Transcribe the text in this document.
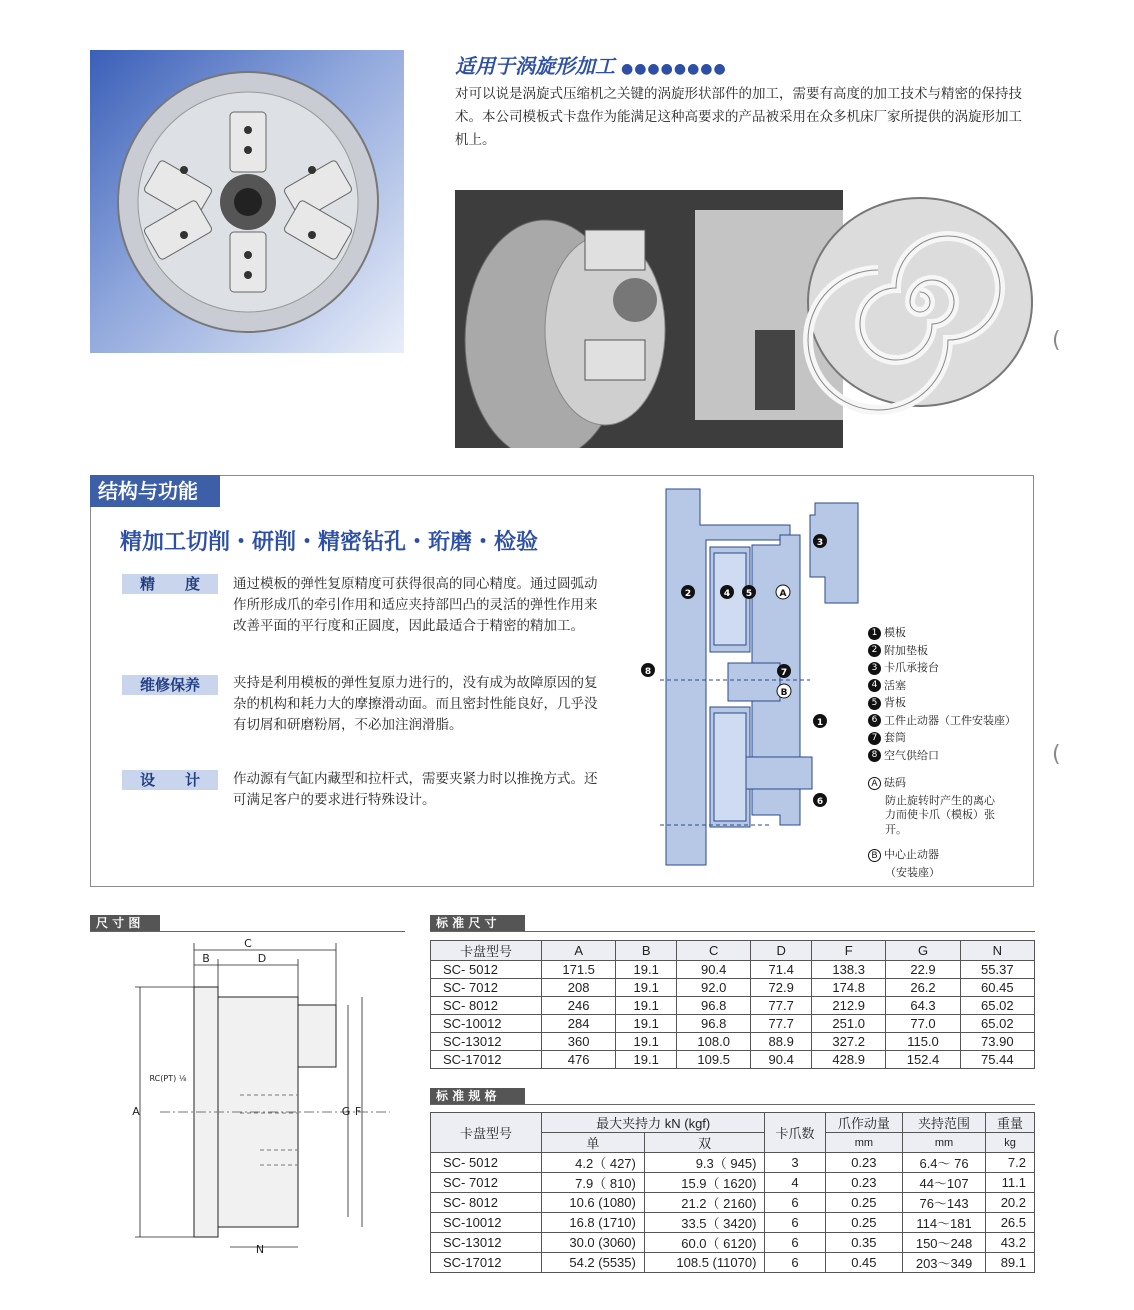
适用于涡旋形加工 ●●●●●●●●
对可以说是涡旋式压缩机之关键的涡旋形状部件的加工，需要有高度的加工技术与精密的保持技术。本公司模板式卡盘作为能满足这种高要求的产品被采用在众多机床厂家所提供的涡旋形加工机上。
结构与功能
精加工切削・研削・精密钻孔・珩磨・检验
精　　度	通过模板的弹性复原精度可获得很高的同心精度。通过圆弧动作所形成爪的牵引作用和适应夹持部凹凸的灵活的弹性作用来改善平面的平行度和正圆度，因此最适合于精密的精加工。
维修保养	夹持是利用模板的弹性复原力进行的，没有成为故障原因的复杂的机构和耗力大的摩擦滑动面。而且密封性能良好，几乎没有切屑和研磨粉屑，不必加注润滑脂。
设　　计	作动源有气缸内藏型和拉杆式，需要夹紧力时以推挽方式。还可满足客户的要求进行特殊设计。
2	4 5	A
3
8	7
B
1
6
1 模板
2 附加垫板
3 卡爪承接台
4 活塞
5 背板
6 工件止动器（工件安装座）
7 套筒
8 空气供给口
A 砝码
防止旋转时产生的离心
力而使卡爪（模板）张
开。
B 中心止动器
（安装座）
尺 寸 图
C
B	D
A	G F
N
RC(PT) ¹⁄₈
标 准 尺 寸
卡盘型号	A	B	C	D	F	G	N
SC- 5012	171.5	19.1	90.4	71.4	138.3	22.9	55.37
SC- 7012	208	19.1	92.0	72.9	174.8	26.2	60.45
SC- 8012	246	19.1	96.8	77.7	212.9	64.3	65.02
SC-10012	284	19.1	96.8	77.7	251.0	77.0	65.02
SC-13012	360	19.1	108.0	88.9	327.2	115.0	73.90
SC-17012	476	19.1	109.5	90.4	428.9	152.4	75.44
标 准 规 格
卡盘型号	最大夹持力 kN (kgf)		卡爪数	爪作动量	夹持范围	重量
	单	双		mm	mm	kg
SC- 5012	4.2（ 427)	9.3（ 945)	3	0.23	6.4～ 76	7.2
SC- 7012	7.9（ 810)	15.9（ 1620)	4	0.23	44～107	11.1
SC- 8012	10.6 (1080)	21.2（ 2160)	6	0.25	76～143	20.2
SC-10012	16.8 (1710)	33.5（ 3420)	6	0.25	114～181	26.5
SC-13012	30.0 (3060)	60.0（ 6120)	6	0.35	150～248	43.2
SC-17012	54.2 (5535)	108.5 (11070)	6	0.45	203～349	89.1
(
(
